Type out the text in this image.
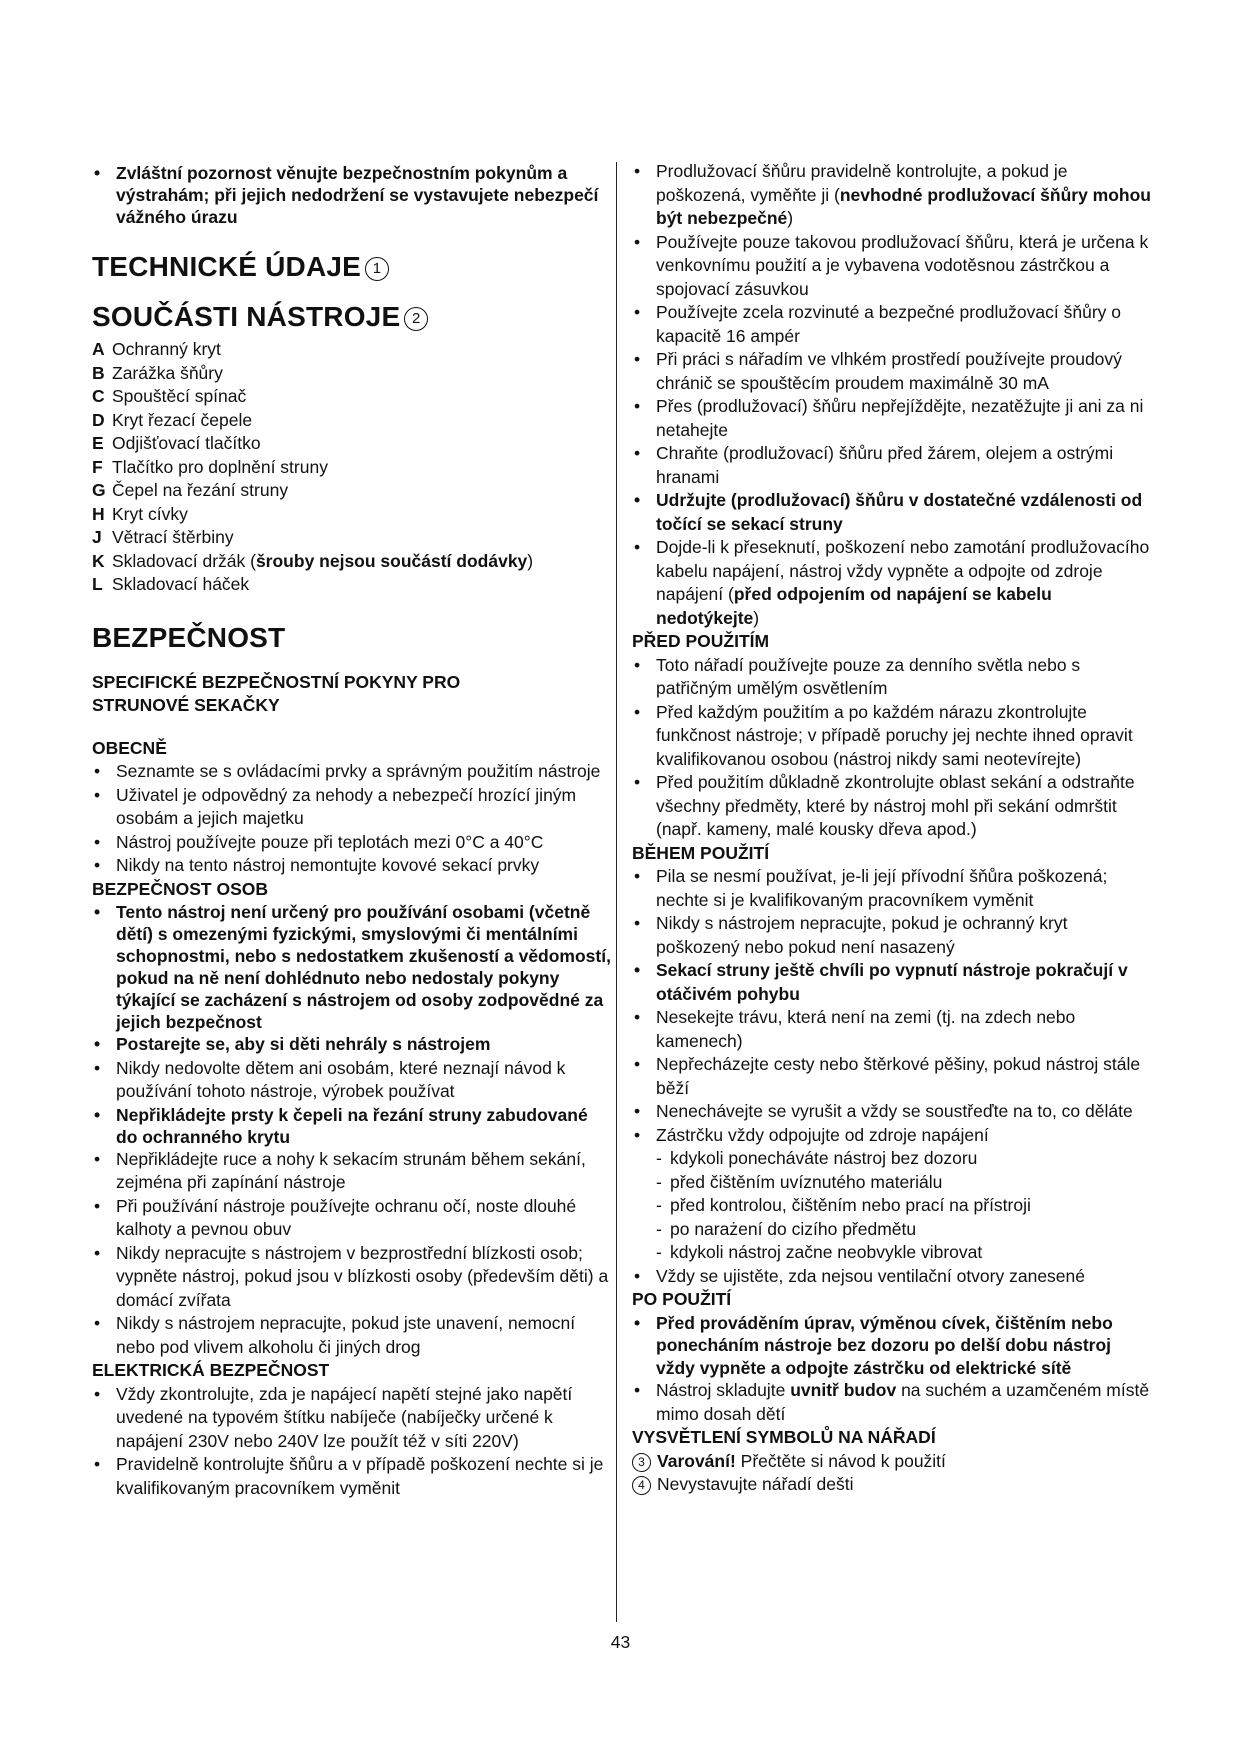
• Zvláštní pozornost věnujte bezpečnostním pokynům a výstrahám; při jejich nedodržení se vystavujete nebezpečí vážného úrazu
TECHNICKÉ ÚDAJE 1
SOUČÁSTI NÁSTROJE 2
A Ochranný kryt
B Zarážka šňůry
C Spouštěcí spínač
D Kryt řezací čepele
E Odjišťovací tlačítko
F Tlačítko pro doplnění struny
G Čepel na řezání struny
H Kryt cívky
J Větrací štěrbiny
K Skladovací držák (šrouby nejsou součástí dodávky)
L Skladovací háček
BEZPEČNOST
SPECIFICKÉ BEZPEČNOSTNÍ POKYNY PRO STRUNOVÉ SEKAČKY
OBECNĚ
• Seznamte se s ovládacími prvky a správným použitím nástroje
• Uživatel je odpovědný za nehody a nebezpečí hrozící jiným osobám a jejich majetku
• Nástroj používejte pouze při teplotách mezi 0°C a 40°C
• Nikdy na tento nástroj nemontujte kovové sekací prvky
BEZPEČNOST OSOB
• Tento nástroj není určený pro používání osobami (včetně dětí) s omezenými fyzickými, smyslovými či mentálními schopnostmi, nebo s nedostatkem zkušeností a vědomostí, pokud na ně není dohlédnuto nebo nedostaly pokyny týkající se zacházení s nástrojem od osoby zodpovědné za jejich bezpečnost
• Postarejte se, aby si děti nehrály s nástrojem
• Nikdy nedovolte dětem ani osobám, které neznají návod k používání tohoto nástroje, výrobek používat
• Nepřikládejte prsty k čepeli na řezání struny zabudované do ochranného krytu
• Nepřikládejte ruce a nohy k sekacím strunám během sekání, zejména při zapínání nástroje
• Při používání nástroje používejte ochranu očí, noste dlouhé kalhoty a pevnou obuv
• Nikdy nepracujte s nástrojem v bezprostřední blízkosti osob; vypněte nástroj, pokud jsou v blízkosti osoby (především děti) a domácí zvířata
• Nikdy s nástrojem nepracujte, pokud jste unavení, nemocní nebo pod vlivem alkoholu či jiných drog
ELEKTRICKÁ BEZPEČNOST
• Vždy zkontrolujte, zda je napájecí napětí stejné jako napětí uvedené na typovém štítku nabíječe (nabíječky určené k napájení 230V nebo 240V lze použít též v síti 220V)
• Pravidelně kontrolujte šňůru a v případě poškození nechte si je kvalifikovaným pracovníkem vyměnit
• Prodlužovací šňůru pravidelně kontrolujte, a pokud je poškozená, vyměňte ji (nevhodné prodlužovací šňůry mohou být nebezpečné)
• Používejte pouze takovou prodlužovací šňůru, která je určena k venkovnímu použití a je vybavena vodotěsnou zástrčkou a spojovací zásuvkou
• Používejte zcela rozvinuté a bezpečné prodlužovací šňůry o kapacitě 16 ampér
• Při práci s nářadím ve vlhkém prostředí používejte proudový chránič se spouštěcím proudem maximálně 30 mA
• Přes (prodlužovací) šňůru nepřejíždějte, nezatěžujte ji ani za ni netahejte
• Chraňte (prodlužovací) šňůru před žárem, olejem a ostrými hranami
• Udržujte (prodlužovací) šňůru v dostatečné vzdálenosti od točící se sekací struny
• Dojde-li k přeseknutí, poškození nebo zamotání prodlužovacího kabelu napájení, nástroj vždy vypněte a odpojte od zdroje napájení (před odpojením od napájení se kabelu nedotýkejte)
PŘED POUŽITÍM
• Toto nářadí používejte pouze za denního světla nebo s patřičným umělým osvětlením
• Před každým použitím a po každém nárazu zkontrolujte funkčnost nástroje; v případě poruchy jej nechte ihned opravit kvalifikovanou osobou (nástroj nikdy sami neotevírejte)
• Před použitím důkladně zkontrolujte oblast sekání a odstraňte všechny předměty, které by nástroj mohl při sekání odmrštit (např. kameny, malé kousky dřeva apod.)
BĚHEM POUŽITÍ
• Pila se nesmí používat, je-li její přívodní šňůra poškozená; nechte si je kvalifikovaným pracovníkem vyměnit
• Nikdy s nástrojem nepracujte, pokud je ochranný kryt poškozený nebo pokud není nasazený
• Sekací struny ještě chvíli po vypnutí nástroje pokračují v otáčivém pohybu
• Nesekejte trávu, která není na zemi (tj. na zdech nebo kamenech)
• Nepřecházejte cesty nebo štěrkové pěšiny, pokud nástroj stále běží
• Nenechávejte se vyrušit a vždy se soustřeďte na to, co děláte
• Zástrčku vždy odpojujte od zdroje napájení
- kdykoli ponecháváte nástroj bez dozoru
- před čištěním uvíznutého materiálu
- před kontrolou, čištěním nebo prací na přístroji
- po narażení do cizího předmětu
- kdykoli nástroj začne neobvykle vibrovat
• Vždy se ujistěte, zda nejsou ventilační otvory zanesené
PO POUŽITÍ
• Před prováděním úprav, výměnou cívek, čištěním nebo ponecháním nástroje bez dozoru po delší dobu nástroj vždy vypněte a odpojte zástrčku od elektrické sítě
• Nástroj skladujte uvnitř budov na suchém a uzamčeném místě mimo dosah dětí
VYSVĚTLENÍ SYMBOLŮ NA NÁŘADÍ
3 Varování! Přečtěte si návod k použití
4 Nevystavujte nářadí dešti
43
